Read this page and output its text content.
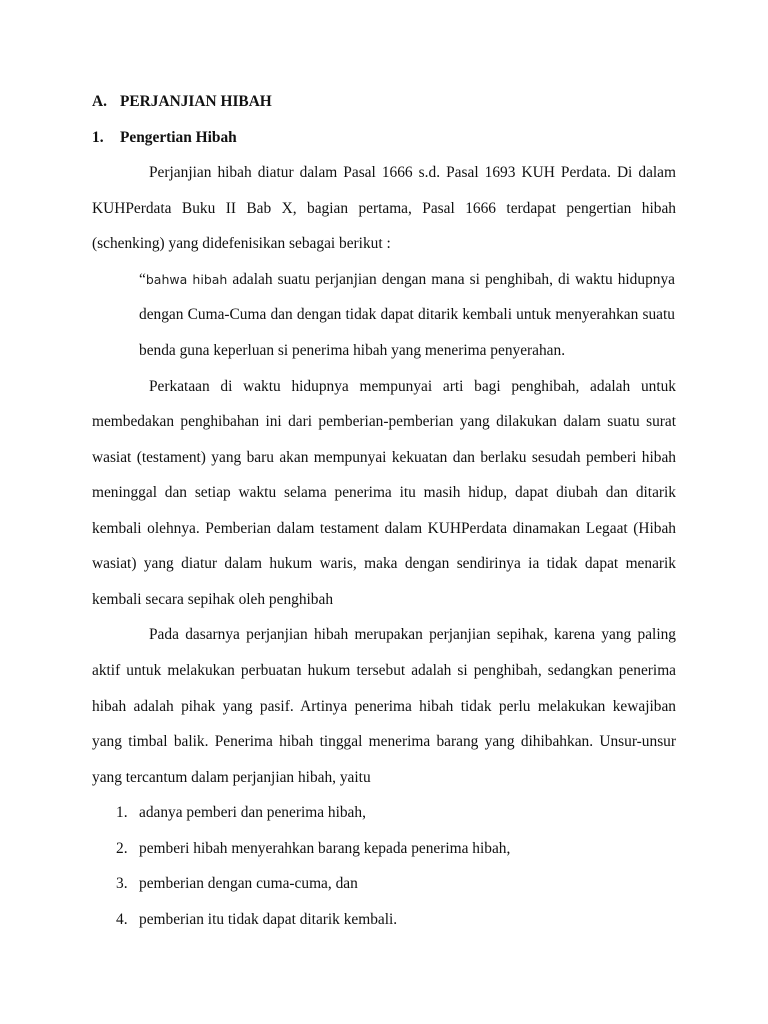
A. PERJANJIAN HIBAH
1. Pengertian Hibah
Perjanjian hibah diatur dalam Pasal 1666 s.d. Pasal 1693 KUH Perdata. Di dalam
KUHPerdata Buku II Bab X, bagian pertama, Pasal 1666 terdapat pengertian hibah
(schenking) yang didefenisikan sebagai berikut :
“bahwa hibah adalah suatu perjanjian dengan mana si penghibah, di waktu hidupnya
dengan Cuma-Cuma dan dengan tidak dapat ditarik kembali untuk menyerahkan suatu
benda guna keperluan si penerima hibah yang menerima penyerahan.
Perkataan di waktu hidupnya mempunyai arti bagi penghibah, adalah untuk
membedakan penghibahan ini dari pemberian-pemberian yang dilakukan dalam suatu surat
wasiat (testament) yang baru akan mempunyai kekuatan dan berlaku sesudah pemberi hibah
meninggal dan setiap waktu selama penerima itu masih hidup, dapat diubah dan ditarik
kembali olehnya. Pemberian dalam testament dalam KUHPerdata dinamakan Legaat (Hibah
wasiat) yang diatur dalam hukum waris, maka dengan sendirinya ia tidak dapat menarik
kembali secara sepihak oleh penghibah
Pada dasarnya perjanjian hibah merupakan perjanjian sepihak, karena yang paling
aktif untuk melakukan perbuatan hukum tersebut adalah si penghibah, sedangkan penerima
hibah adalah pihak yang pasif. Artinya penerima hibah tidak perlu melakukan kewajiban
yang timbal balik. Penerima hibah tinggal menerima barang yang dihibahkan. Unsur-unsur
yang tercantum dalam perjanjian hibah, yaitu
1. adanya pemberi dan penerima hibah,
2. pemberi hibah menyerahkan barang kepada penerima hibah,
3. pemberian dengan cuma-cuma, dan
4. pemberian itu tidak dapat ditarik kembali.
